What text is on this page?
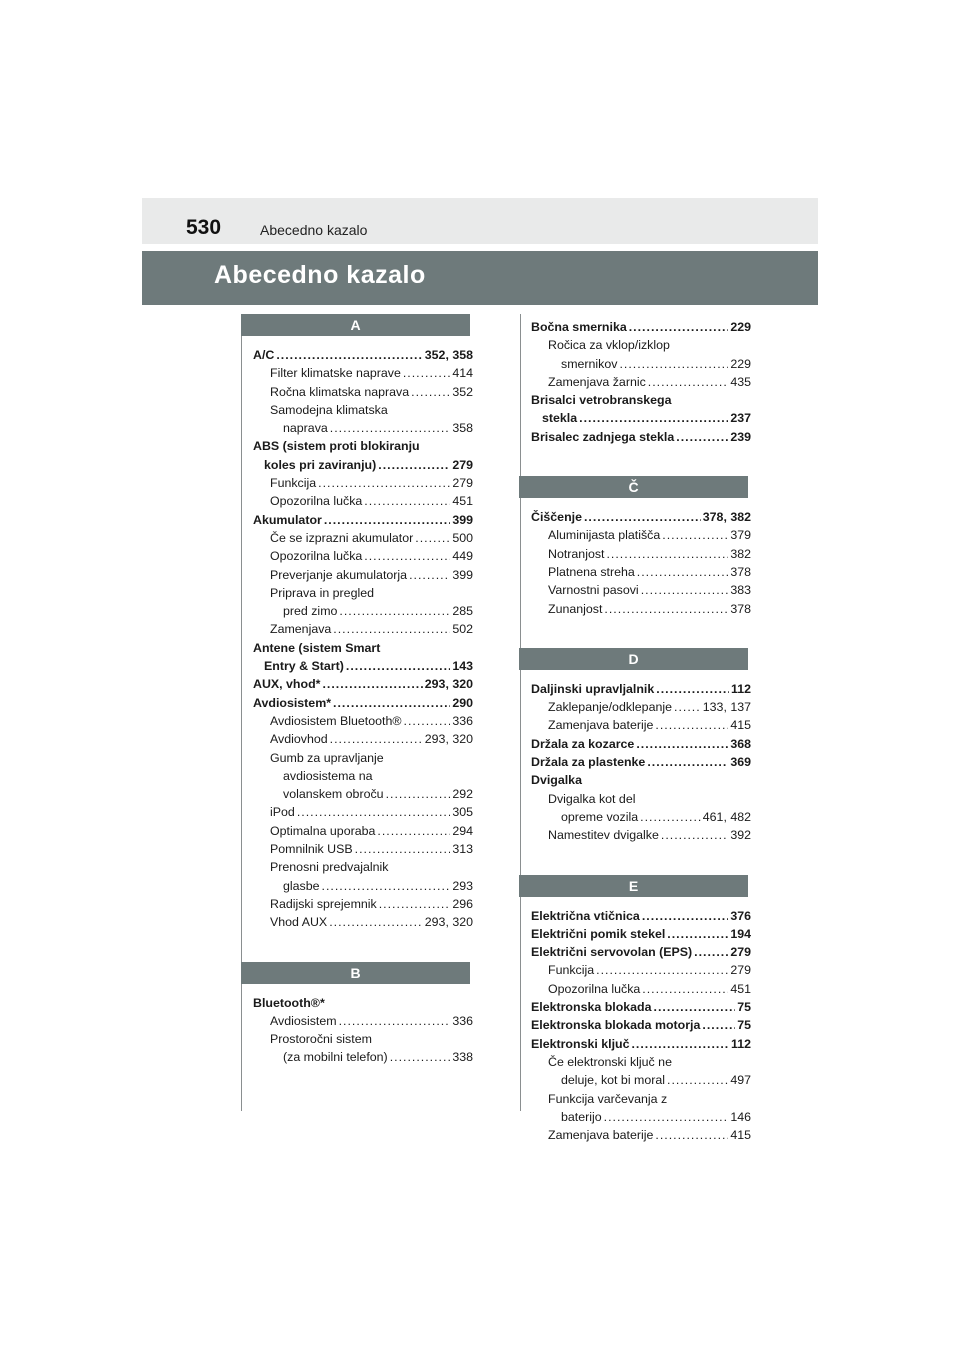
530	Abecedno kazalo
Abecedno kazalo
A
A/C .....	352, 358
Filter klimatske naprave .....	414
Ročna klimatska naprava .....	352
Samodejna klimatska
naprava .....	358
ABS (sistem proti blokiranju
koles pri zaviranju) .....	279
Funkcija .....	279
Opozorilna lučka .....	451
Akumulator .....	399
Če se izprazni akumulator .....	500
Opozorilna lučka .....	449
Preverjanje akumulatorja .....	399
Priprava in pregled
pred zimo .....	285
Zamenjava .....	502
Antene (sistem Smart
Entry & Start) .....	143
AUX, vhod* .....	293, 320
Avdiosistem* .....	290
Avdiosistem Bluetooth® .....	336
Avdiovhod .....	293, 320
Gumb za upravljanje
avdiosistema na
volanskem obroču .....	292
iPod .....	305
Optimalna uporaba .....	294
Pomnilnik USB .....	313
Prenosni predvajalnik
glasbe .....	293
Radijski sprejemnik .....	296
Vhod AUX .....	293, 320
B
Bluetooth®*
Avdiosistem .....	336
Prostoročni sistem
(za mobilni telefon) .....	338
Bočna smernika .....	229
Ročica za vklop/izklop
smernikov .....	229
Zamenjava žarnic .....	435
Brisalci vetrobranskega
stekla .....	237
Brisalec zadnjega stekla .....	239
Č
Čiščenje .....	378, 382
Aluminijasta platišča .....	379
Notranjost .....	382
Platnena streha .....	378
Varnostni pasovi .....	383
Zunanjost .....	378
D
Daljinski upravljalnik .....	112
Zaklepanje/odklepanje ..... 133, 137
Zamenjava baterije .....	415
Držala za kozarce .....	368
Držala za plastenke .....	369
Dvigalka
Dvigalka kot del
opreme vozila .....	461, 482
Namestitev dvigalke .....	392
E
Električna vtičnica .....	376
Električni pomik stekel .....	194
Električni servovolan (EPS) .....	279
Funkcija .....	279
Opozorilna lučka .....	451
Elektronska blokada .....	75
Elektronska blokada motorja .....	75
Elektronski ključ .....	112
Če elektronski ključ ne
deluje, kot bi moral .....	497
Funkcija varčevanja z
baterijo .....	146
Zamenjava baterije .....	415
